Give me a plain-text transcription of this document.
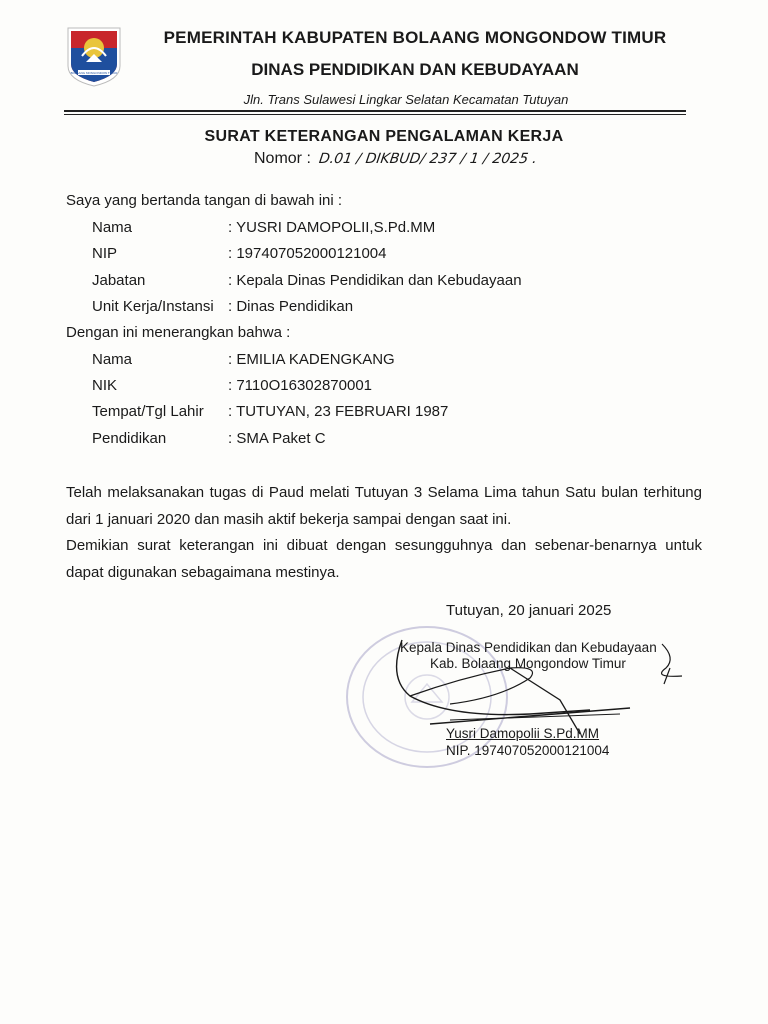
BOLAANG MONGONDOW TIMUR
PEMERINTAH KABUPATEN BOLAANG MONGONDOW TIMUR
DINAS PENDIDIKAN DAN KEBUDAYAAN
Jln. Trans Sulawesi Lingkar Selatan Kecamatan Tutuyan
SURAT KETERANGAN PENGALAMAN KERJA
Nomor : D.01 / DIKBUD/ 237 / 1 / 2025 .
Saya yang bertanda tangan di bawah ini :
Nama	: YUSRI DAMOPOLII,S.Pd.MM
NIP	: 197407052000121004
Jabatan	: Kepala Dinas Pendidikan dan Kebudayaan
Unit Kerja/Instansi : Dinas Pendidikan
Dengan ini menerangkan bahwa :
Nama	: EMILIA KADENGKANG
NIK	: 7110O16302870001
Tempat/Tgl Lahir : TUTUYAN, 23 FEBRUARI 1987
Pendidikan	: SMA Paket C
Telah melaksanakan tugas di Paud melati Tutuyan 3 Selama Lima tahun Satu bulan terhitung dari 1 januari 2020 dan masih aktif bekerja sampai dengan saat ini.
Demikian surat keterangan ini dibuat dengan sesungguhnya dan sebenar-benarnya untuk dapat digunakan sebagaimana mestinya.
Tutuyan, 20 januari 2025
Kepala Dinas Pendidikan dan Kebudayaan
Kab. Bolaang Mongondow Timur
Yusri Damopolii S.Pd.MM
NIP. 197407052000121004
